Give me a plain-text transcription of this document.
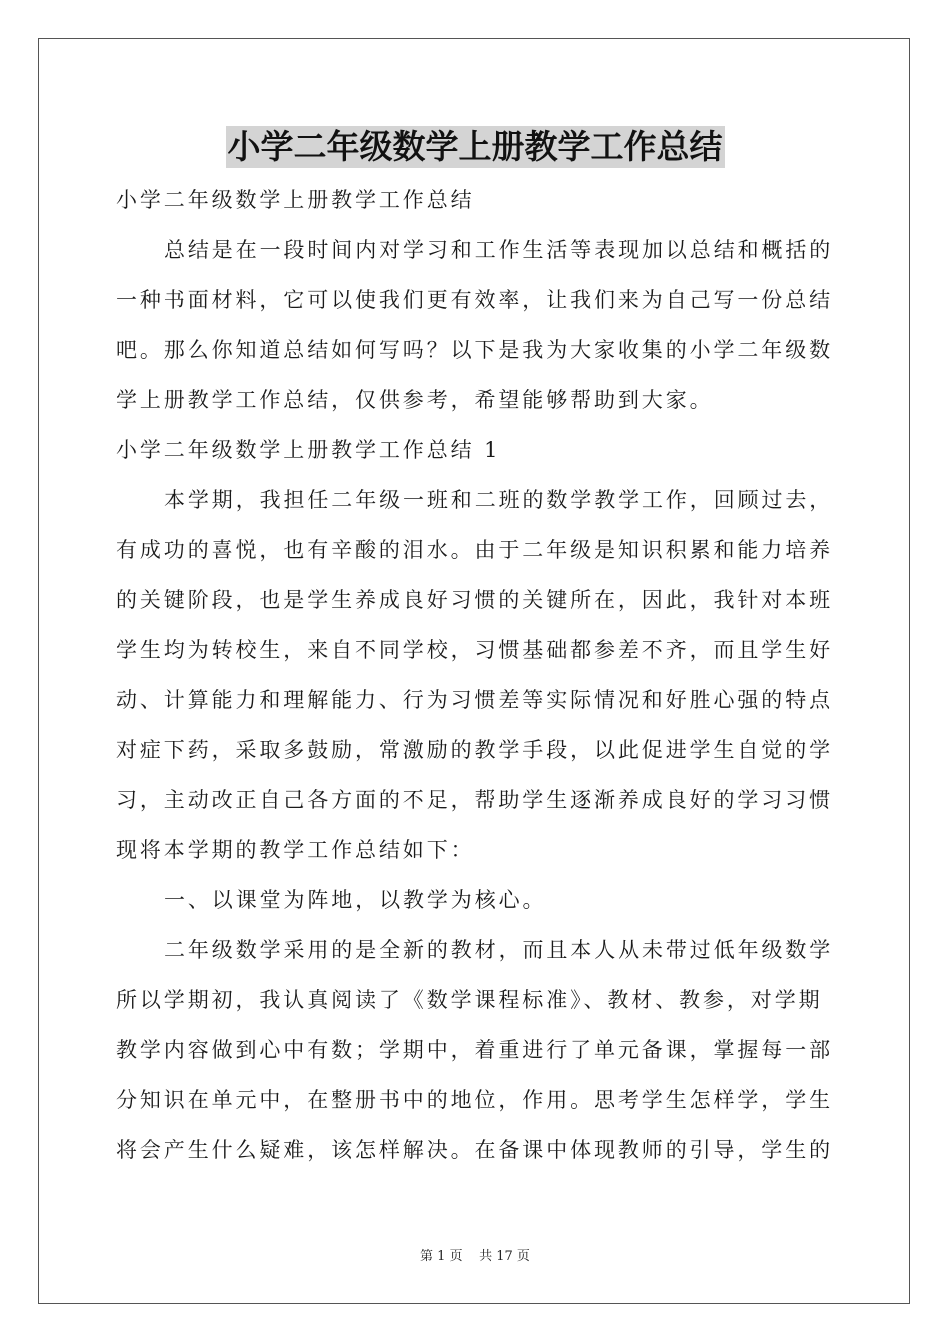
小学二年级数学上册教学工作总结
小学二年级数学上册教学工作总结
总结是在一段时间内对学习和工作生活等表现加以总结和概括的
一种书面材料，它可以使我们更有效率，让我们来为自己写一份总结
吧。那么你知道总结如何写吗？以下是我为大家收集的小学二年级数
学上册教学工作总结，仅供参考，希望能够帮助到大家。
小学二年级数学上册教学工作总结 1
本学期，我担任二年级一班和二班的数学教学工作，回顾过去，
有成功的喜悦，也有辛酸的泪水。由于二年级是知识积累和能力培养
的关键阶段，也是学生养成良好习惯的关键所在，因此，我针对本班
学生均为转校生，来自不同学校，习惯基础都参差不齐，而且学生好
动、计算能力和理解能力、行为习惯差等实际情况和好胜心强的特点
对症下药，采取多鼓励，常激励的教学手段，以此促进学生自觉的学
习，主动改正自己各方面的不足，帮助学生逐渐养成良好的学习习惯
现将本学期的教学工作总结如下：
一、以课堂为阵地，以教学为核心。
二年级数学采用的是全新的教材，而且本人从未带过低年级数学
所以学期初，我认真阅读了《数学课程标准》、教材、教参，对学期
教学内容做到心中有数；学期中，着重进行了单元备课，掌握每一部
分知识在单元中，在整册书中的地位，作用。思考学生怎样学，学生
将会产生什么疑难，该怎样解决。在备课中体现教师的引导，学生的
第 1 页 共 17 页
